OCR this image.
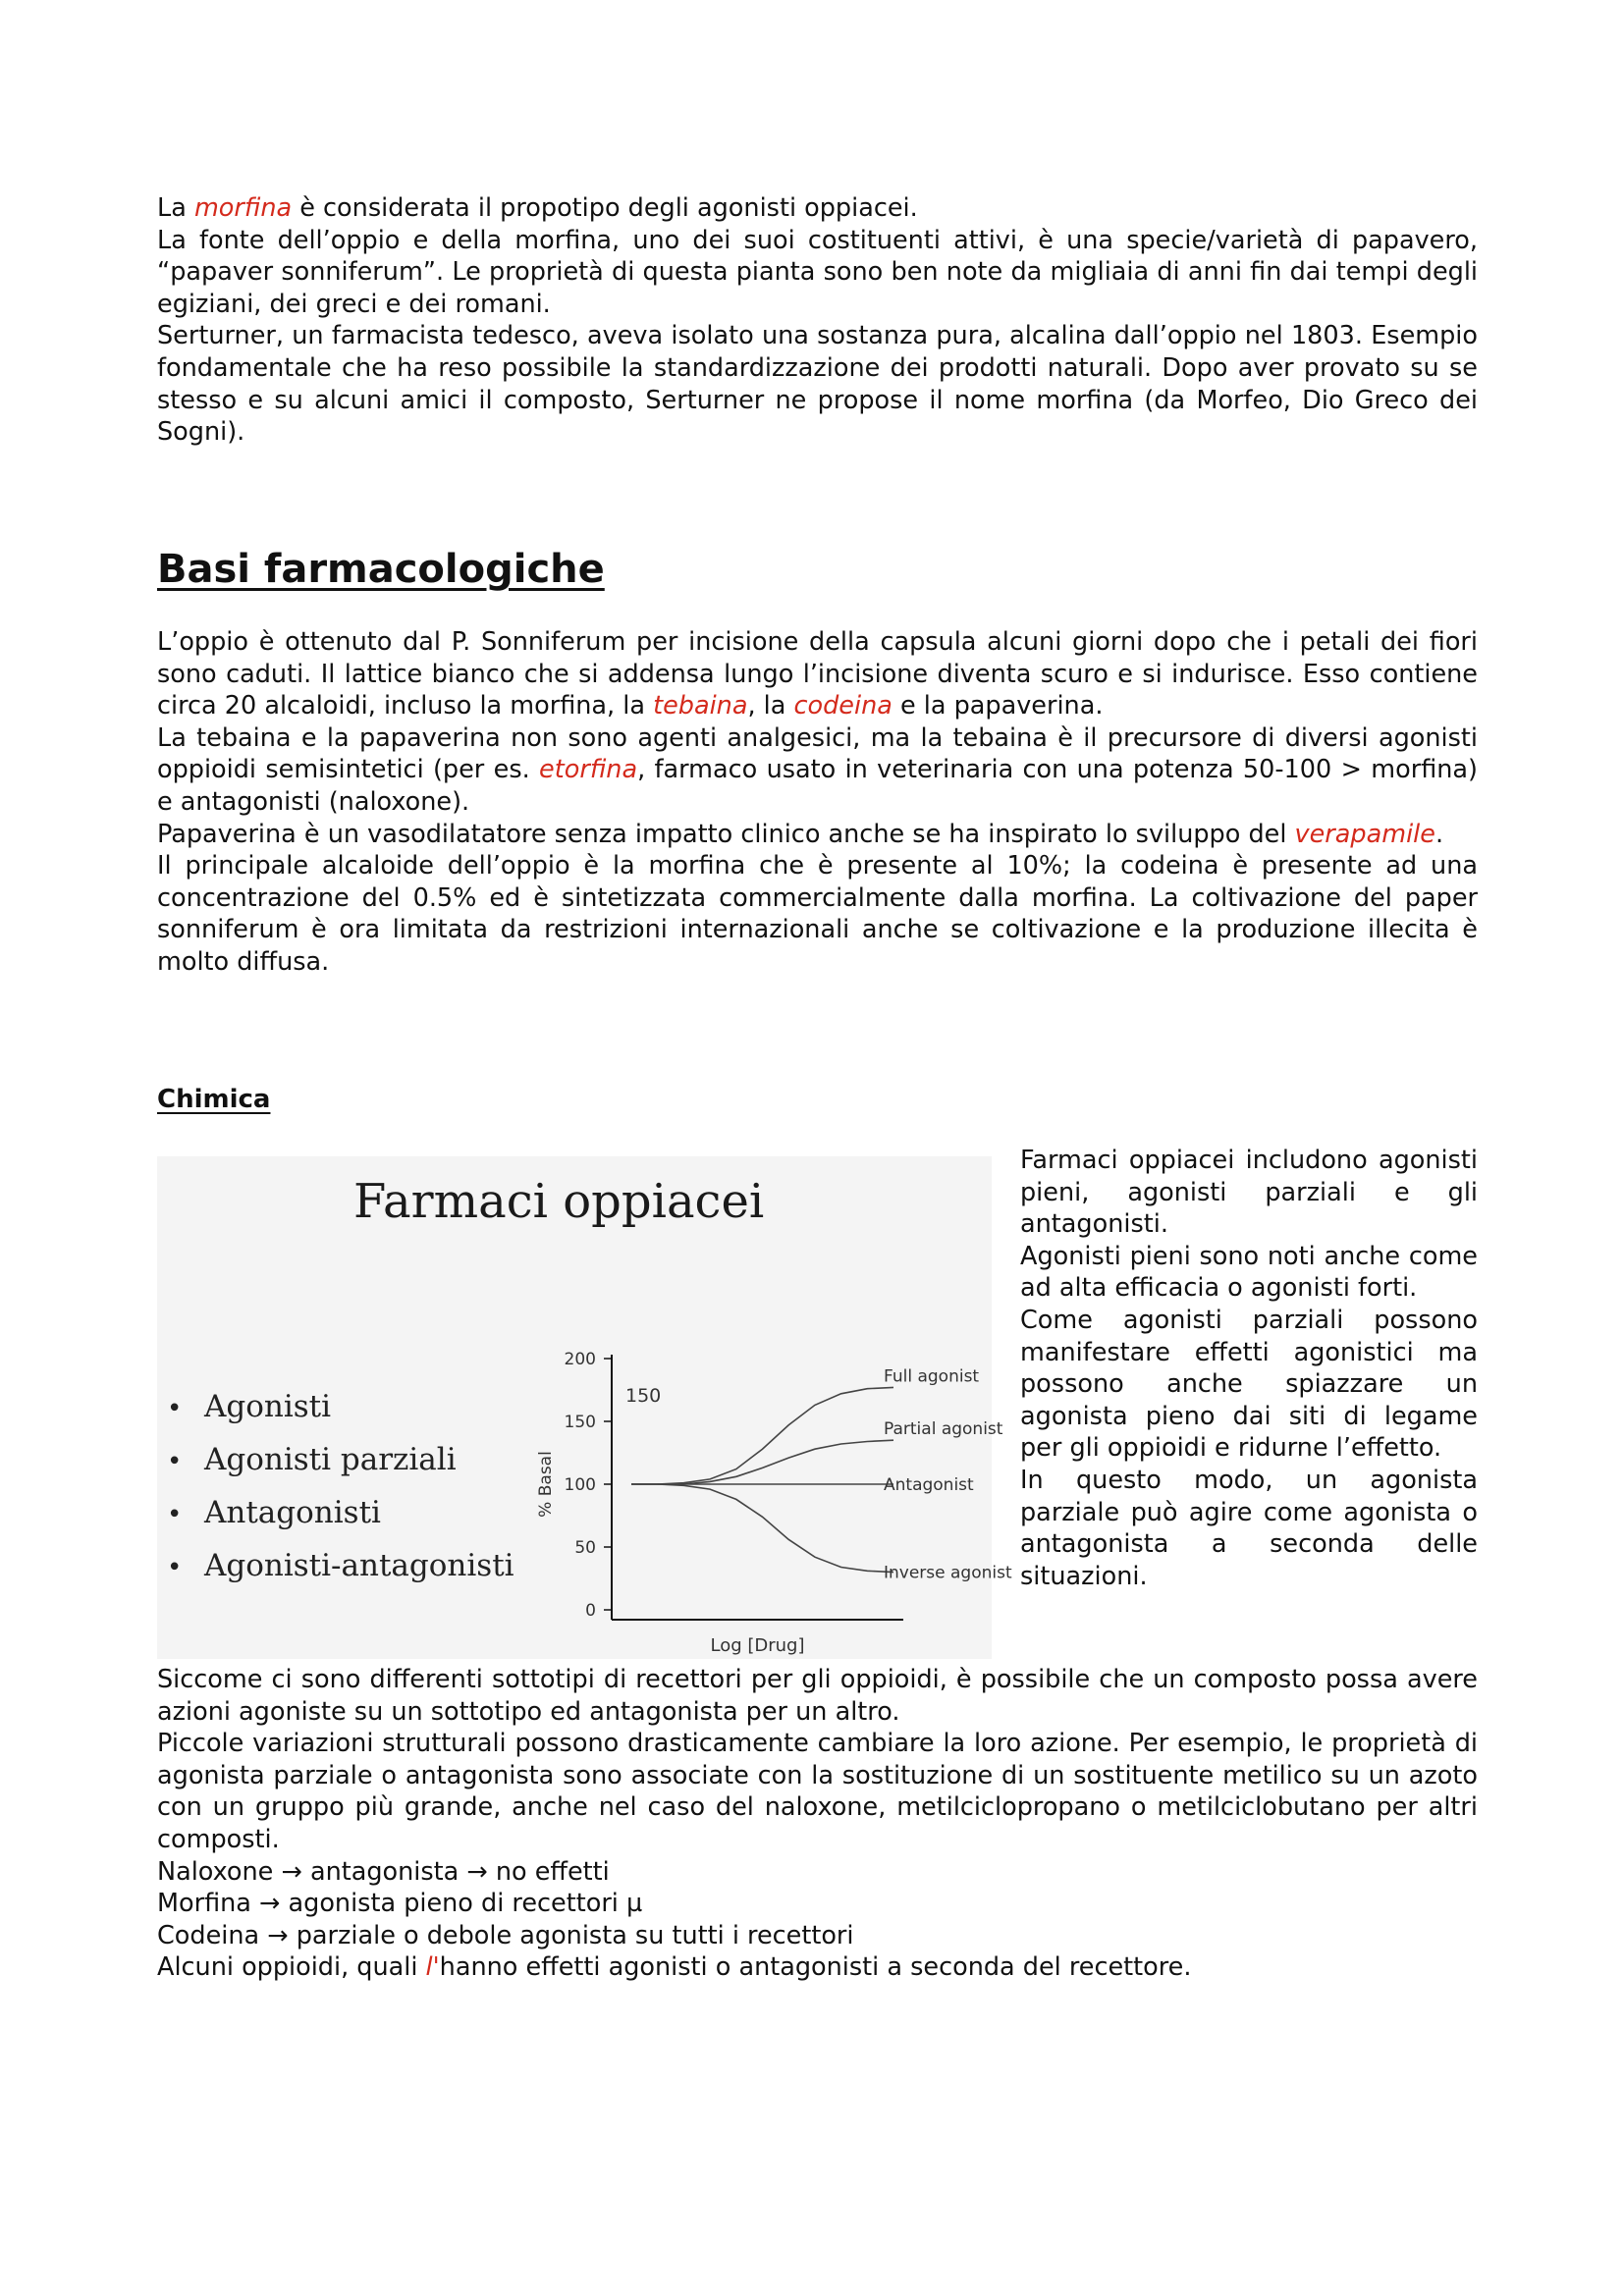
La morfina è considerata il propotipo degli agonisti oppiacei.

La fonte dell’oppio e della morfina, uno dei suoi costituenti attivi, è una specie/varietà di papavero, “papaver sonniferum”. Le proprietà di questa pianta sono ben note da migliaia di anni fin dai tempi degli egiziani, dei greci e dei romani.

Serturner, un farmacista tedesco, aveva isolato una sostanza pura, alcalina dall’oppio nel 1803. Esempio fondamentale che ha reso possibile la standardizzazione dei prodotti naturali. Dopo aver provato su se stesso e su alcuni amici il composto, Serturner ne propose il nome morfina (da Morfeo, Dio Greco dei Sogni).

Basi farmacologiche

L’oppio è ottenuto dal P. Sonniferum per incisione della capsula alcuni giorni dopo che i petali dei fiori sono caduti. Il lattice bianco che si addensa lungo l’incisione diventa scuro e si indurisce. Esso contiene circa 20 alcaloidi, incluso la morfina, la tebaina, la codeina e la papaverina.

La tebaina e la papaverina non sono agenti analgesici, ma la tebaina è il precursore di diversi agonisti oppioidi semisintetici (per es. etorfina, farmaco usato in veterinaria con una potenza 50-100 > morfina) e antagonisti (naloxone).

Papaverina è un vasodilatatore senza impatto clinico anche se ha inspirato lo sviluppo del verapamile.

Il principale alcaloide dell’oppio è la morfina che è presente al 10%; la codeina è presente ad una concentrazione del 0.5% ed è sintetizzata commercialmente dalla morfina. La coltivazione del paper sonniferum è ora limitata da restrizioni internazionali anche se coltivazione e la produzione illecita è molto diffusa.

Chimica
Farmaci oppiacei
• Agonisti
• Agonisti parziali
• Antagonisti
• Agonisti-antagonisti
0
50
100
150
200
% Basal
Log [Drug]
150
Full agonist
Partial agonist
Antagonist
Inverse agonist

Farmaci oppiacei includono agonisti pieni, agonisti parziali e gli antagonisti.

Agonisti pieni sono noti anche come ad alta efficacia o agonisti forti.

Come agonisti parziali possono manifestare effetti agonistici ma possono anche spiazzare un agonista pieno dai siti di legame per gli oppioidi e ridurne l’effetto.

In questo modo, un agonista parziale può agire come agonista o antagonista a seconda delle situazioni.

Siccome ci sono differenti sottotipi di recettori per gli oppioidi, è possibile che un composto possa avere azioni agoniste su un sottotipo ed antagonista per un altro.

Piccole variazioni strutturali possono drasticamente cambiare la loro azione. Per esempio, le proprietà di agonista parziale o antagonista sono associate con la sostituzione di un sostituente metilico su un azoto con un gruppo più grande, anche nel caso del naloxone, metilciclopropano o metilciclobutano per altri composti.

Naloxone → antagonista → no effetti

Morfina → agonista pieno di recettori µ

Codeina → parziale o debole agonista su tutti i recettori

Alcuni oppioidi, quali l'hanno effetti agonisti o antagonisti a seconda del recettore.
